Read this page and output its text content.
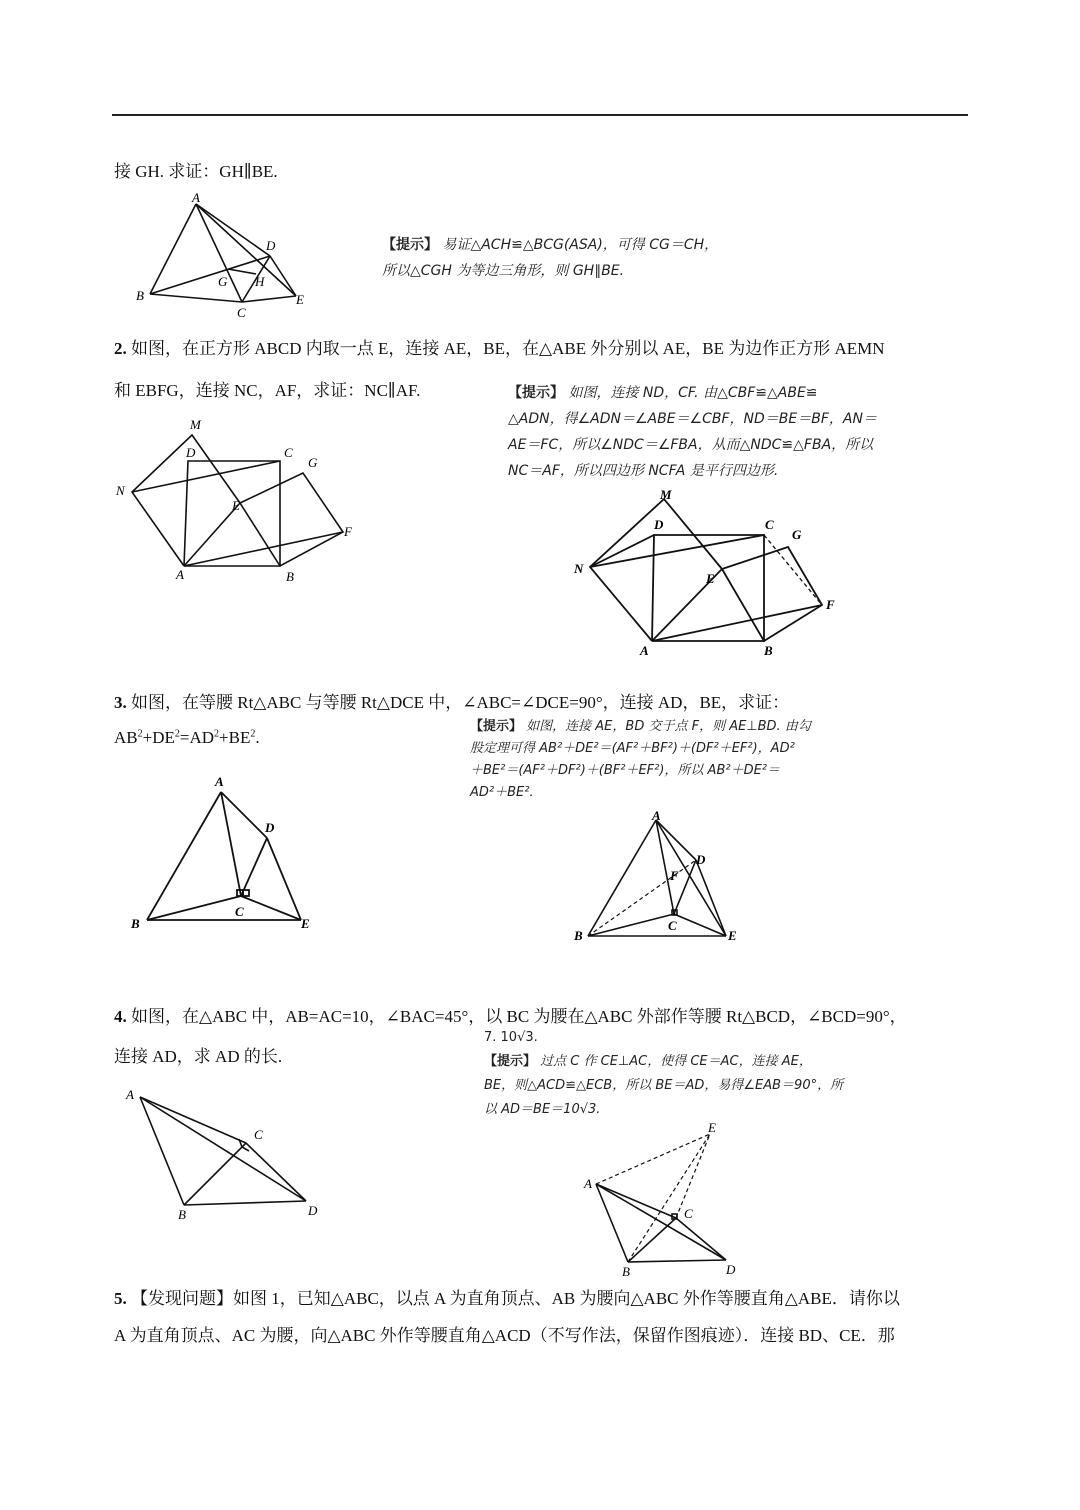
接 GH. 求证：GH∥BE.
A
B
C
D
E
G H
【提示】 易证△ACH≌△BCG(ASA)，可得 CG＝CH，
所以△CGH 为等边三角形，则 GH∥BE.
2. 如图，在正方形 ABCD 内取一点 E，连接 AE，BE，在△ABE 外分别以 AE，BE 为边作正方形 AEMN
和 EBFG，连接 NC，AF，求证：NC∥AF.
M
D	C
G
N
E
F
A	B
【提示】 如图，连接 ND，CF. 由△CBF≌△ABE≌
△ADN，得∠ADN＝∠ABE＝∠CBF，ND＝BE＝BF，AN＝
AE＝FC，所以∠NDC＝∠FBA，从而△NDC≌△FBA，所以
NC＝AF，所以四边形 NCFA 是平行四边形.
M
D	C
G
N
E
F
A	B
3. 如图，在等腰 Rt△ABC 与等腰 Rt△DCE 中，∠ABC=∠DCE=90°，连接 AD，BE，求证：
$AB^2+DE^2=AD^2+BE^2$.
A
B
C
D
E
【提示】 如图，连接 AE，BD 交于点 F，则 AE⊥BD. 由勾
股定理可得 AB²＋DE²＝(AF²＋BF²)＋(DF²＋EF²)，AD²
＋BE²＝(AF²＋DF²)＋(BF²＋EF²)，所以 AB²＋DE²＝
AD²＋BE².
A
B
C
D
E
F
4. 如图，在△ABC 中，AB=AC=10，∠BAC=45°，以 BC 为腰在△ABC 外部作等腰 Rt△BCD，∠BCD=90°，
连接 AD，求 AD 的长.
A
B
C
D
7. 10√3.
【提示】 过点 C 作 CE⊥AC，使得 CE＝AC，连接 AE，
BE，则△ACD≌△ECB，所以 BE＝AD，易得∠EAB＝90°，所
以 AD＝BE＝10√3.
A
B
C
D
E
5. 【发现问题】如图 1，已知△ABC，以点 A 为直角顶点、AB 为腰向△ABC 外作等腰直角△ABE．请你以
A 为直角顶点、AC 为腰，向△ABC 外作等腰直角△ACD（不写作法，保留作图痕迹）．连接 BD、CE．那
